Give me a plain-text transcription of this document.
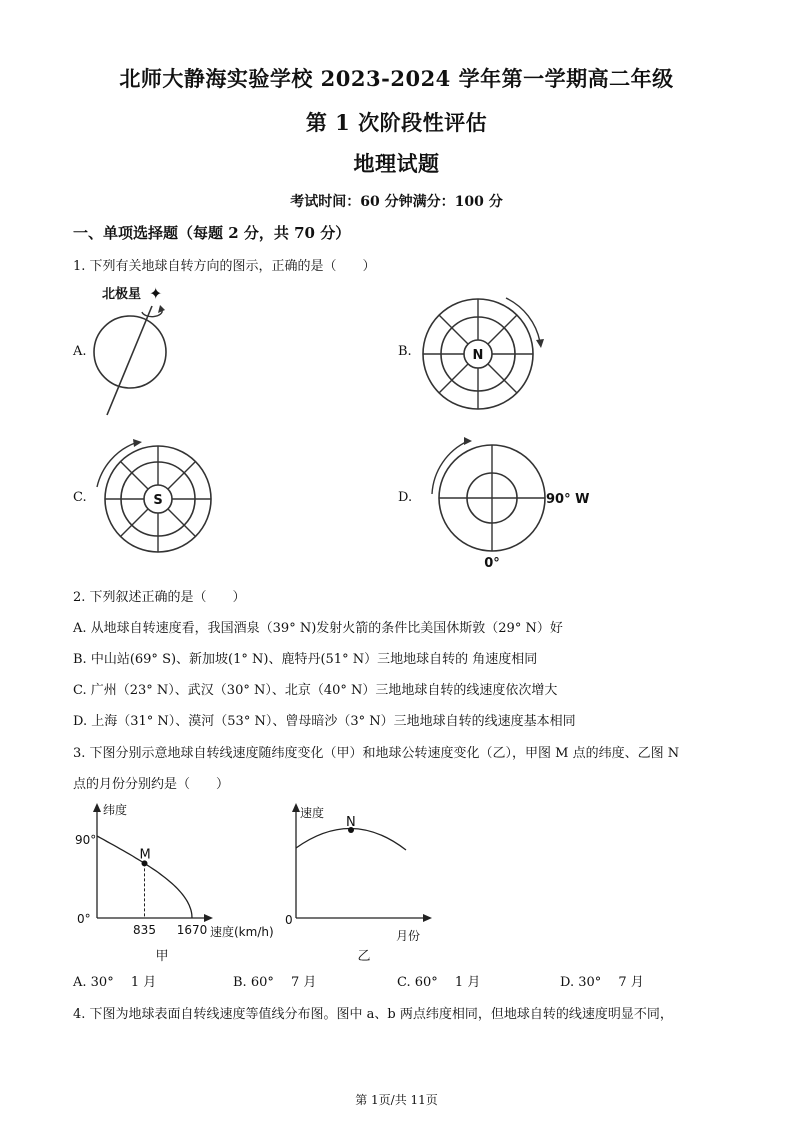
北师大静海实验学校 2023-2024 学年第一学期高二年级
第 1 次阶段性评估
地理试题
考试时间：60 分钟满分：100 分
一、单项选择题（每题 2 分，共 70 分）
1. 下列有关地球自转方向的图示，正确的是（　　）
A.	B.
C.	D.
北极星 ✦
N
S	90° W
0°
2. 下列叙述正确的是（　　）
A. 从地球自转速度看，我国酒泉（39° N)发射火箭的条件比美国休斯敦（29° N）好
B. 中山站(69° S)、新加坡(1° N)、鹿特丹(51° N）三地地球自转的 角速度相同
C. 广州（23° N）、武汉（30° N）、北京（40° N）三地地球自转的线速度依次增大
D. 上海（31° N）、漠河（53° N）、曾母暗沙（3° N）三地地球自转的线速度基本相同
3. 下图分别示意地球自转线速度随纬度变化（甲）和地球公转速度变化（乙），甲图 M 点的纬度、乙图 N
点的月份分别约是（　　）
M
纬度
90°
0°
835 1670 速度(km/h)
甲
N
速度
0
月份
乙
A. 30°　 1 月	B. 60°　 7 月	C. 60°　 1 月	D. 30°　 7 月
4. 下图为地球表面自转线速度等值线分布图。图中 a、b 两点纬度相同，但地球自转的线速度明显不同，
第 1页/共 11页
